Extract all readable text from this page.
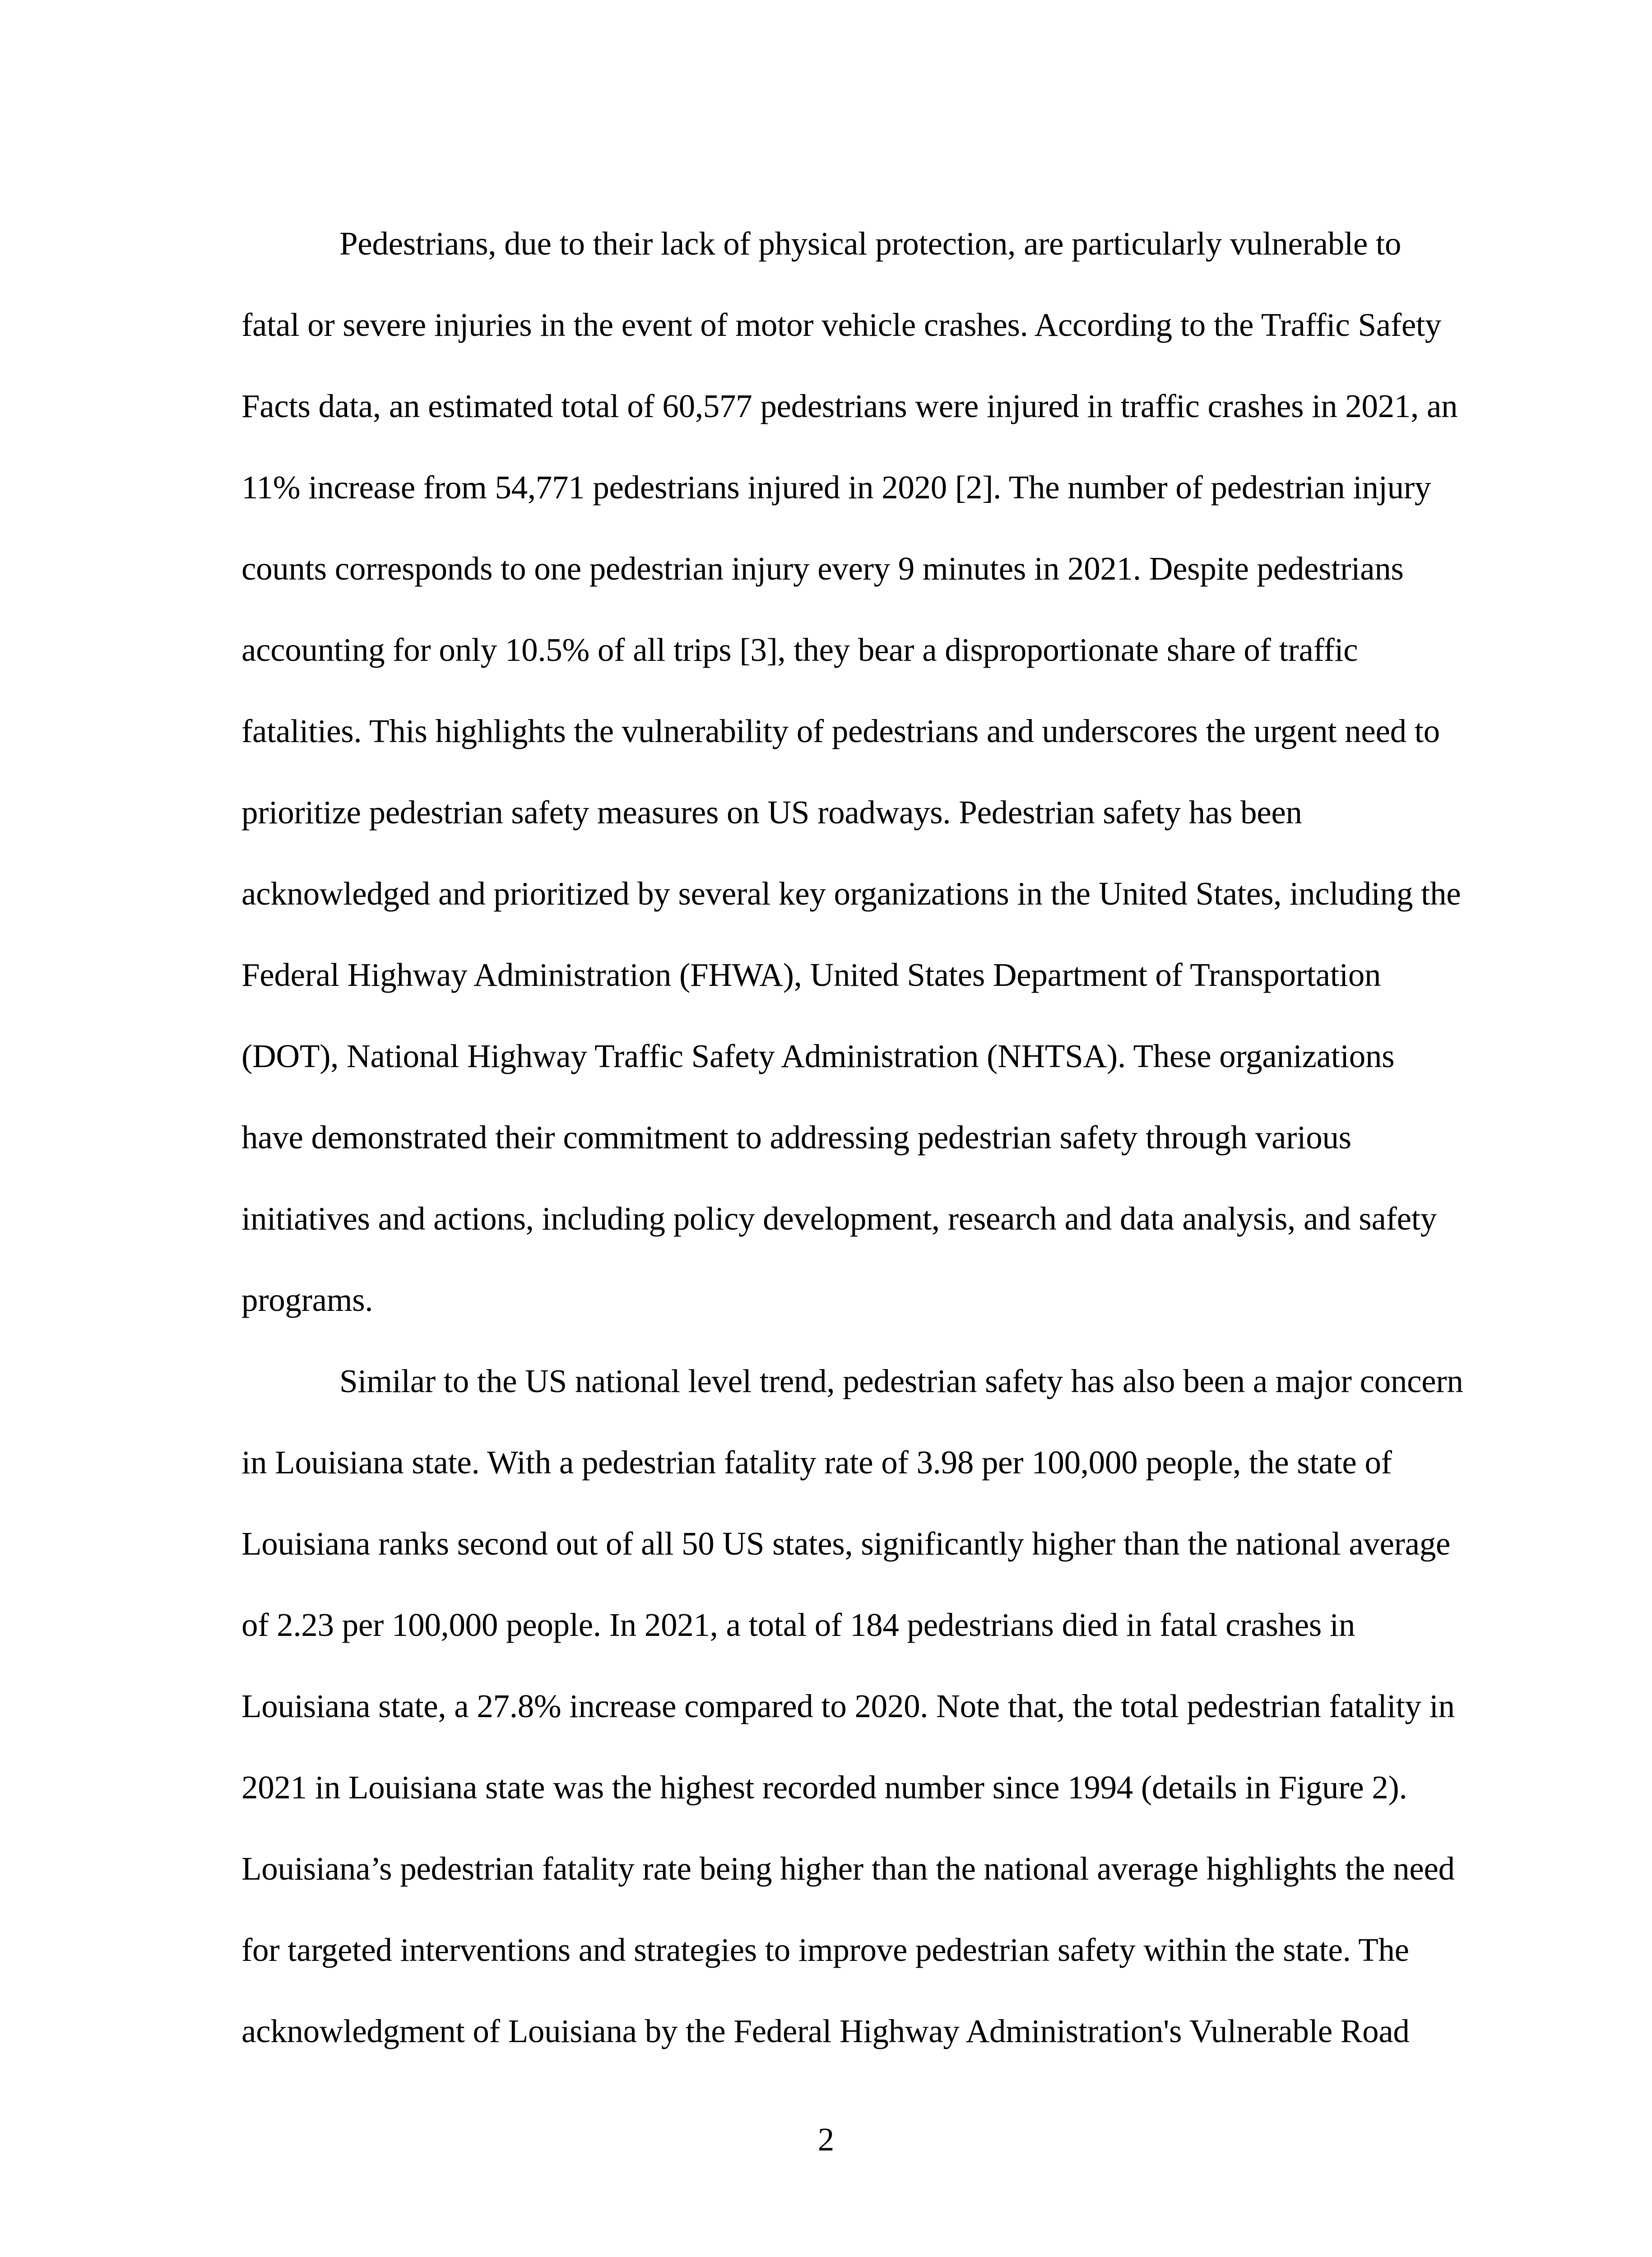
Pedestrians, due to their lack of physical protection, are particularly vulnerable to
fatal or severe injuries in the event of motor vehicle crashes. According to the Traffic Safety
Facts data, an estimated total of 60,577 pedestrians were injured in traffic crashes in 2021, an
11% increase from 54,771 pedestrians injured in 2020 [2]. The number of pedestrian injury
counts corresponds to one pedestrian injury every 9 minutes in 2021. Despite pedestrians
accounting for only 10.5% of all trips [3], they bear a disproportionate share of traffic
fatalities. This highlights the vulnerability of pedestrians and underscores the urgent need to
prioritize pedestrian safety measures on US roadways. Pedestrian safety has been
acknowledged and prioritized by several key organizations in the United States, including the
Federal Highway Administration (FHWA), United States Department of Transportation
(DOT), National Highway Traffic Safety Administration (NHTSA). These organizations
have demonstrated their commitment to addressing pedestrian safety through various
initiatives and actions, including policy development, research and data analysis, and safety
programs.
Similar to the US national level trend, pedestrian safety has also been a major concern
in Louisiana state. With a pedestrian fatality rate of 3.98 per 100,000 people, the state of
Louisiana ranks second out of all 50 US states, significantly higher than the national average
of 2.23 per 100,000 people. In 2021, a total of 184 pedestrians died in fatal crashes in
Louisiana state, a 27.8% increase compared to 2020. Note that, the total pedestrian fatality in
2021 in Louisiana state was the highest recorded number since 1994 (details in Figure 2).
Louisiana’s pedestrian fatality rate being higher than the national average highlights the need
for targeted interventions and strategies to improve pedestrian safety within the state. The
acknowledgment of Louisiana by the Federal Highway Administration's Vulnerable Road
2
